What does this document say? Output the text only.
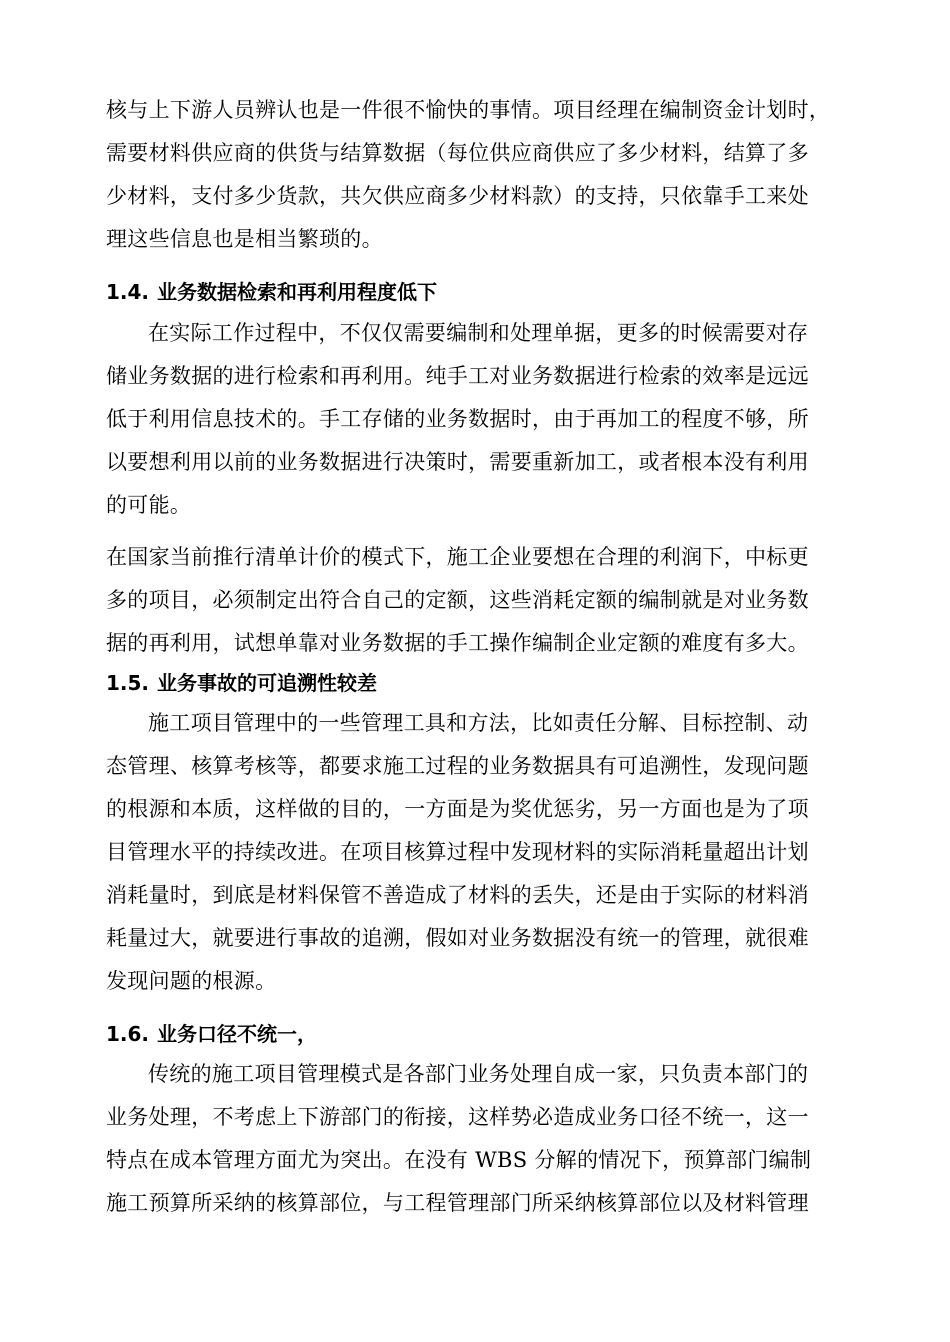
核与上下游人员辨认也是一件很不愉快的事情。项目经理在编制资金计划时，

需要材料供应商的供货与结算数据（每位供应商供应了多少材料，结算了多

少材料，支付多少货款，共欠供应商多少材料款）的支持，只依靠手工来处

理这些信息也是相当繁琐的。

1.4. 业务数据检索和再利用程度低下

在实际工作过程中，不仅仅需要编制和处理单据，更多的时候需要对存

储业务数据的进行检索和再利用。纯手工对业务数据进行检索的效率是远远

低于利用信息技术的。手工存储的业务数据时，由于再加工的程度不够，所

以要想利用以前的业务数据进行决策时，需要重新加工，或者根本没有利用

的可能。

在国家当前推行清单计价的模式下，施工企业要想在合理的利润下，中标更

多的项目，必须制定出符合自己的定额，这些消耗定额的编制就是对业务数

据的再利用，试想单靠对业务数据的手工操作编制企业定额的难度有多大。

1.5. 业务事故的可追溯性较差

施工项目管理中的一些管理工具和方法，比如责任分解、目标控制、动

态管理、核算考核等，都要求施工过程的业务数据具有可追溯性，发现问题

的根源和本质，这样做的目的，一方面是为奖优惩劣，另一方面也是为了项

目管理水平的持续改进。在项目核算过程中发现材料的实际消耗量超出计划

消耗量时，到底是材料保管不善造成了材料的丢失，还是由于实际的材料消

耗量过大，就要进行事故的追溯，假如对业务数据没有统一的管理，就很难

发现问题的根源。

1.6. 业务口径不统一，

传统的施工项目管理模式是各部门业务处理自成一家，只负责本部门的

业务处理，不考虑上下游部门的衔接，这样势必造成业务口径不统一，这一

特点在成本管理方面尤为突出。在没有 WBS 分解的情况下，预算部门编制

施工预算所采纳的核算部位，与工程管理部门所采纳核算部位以及材料管理
